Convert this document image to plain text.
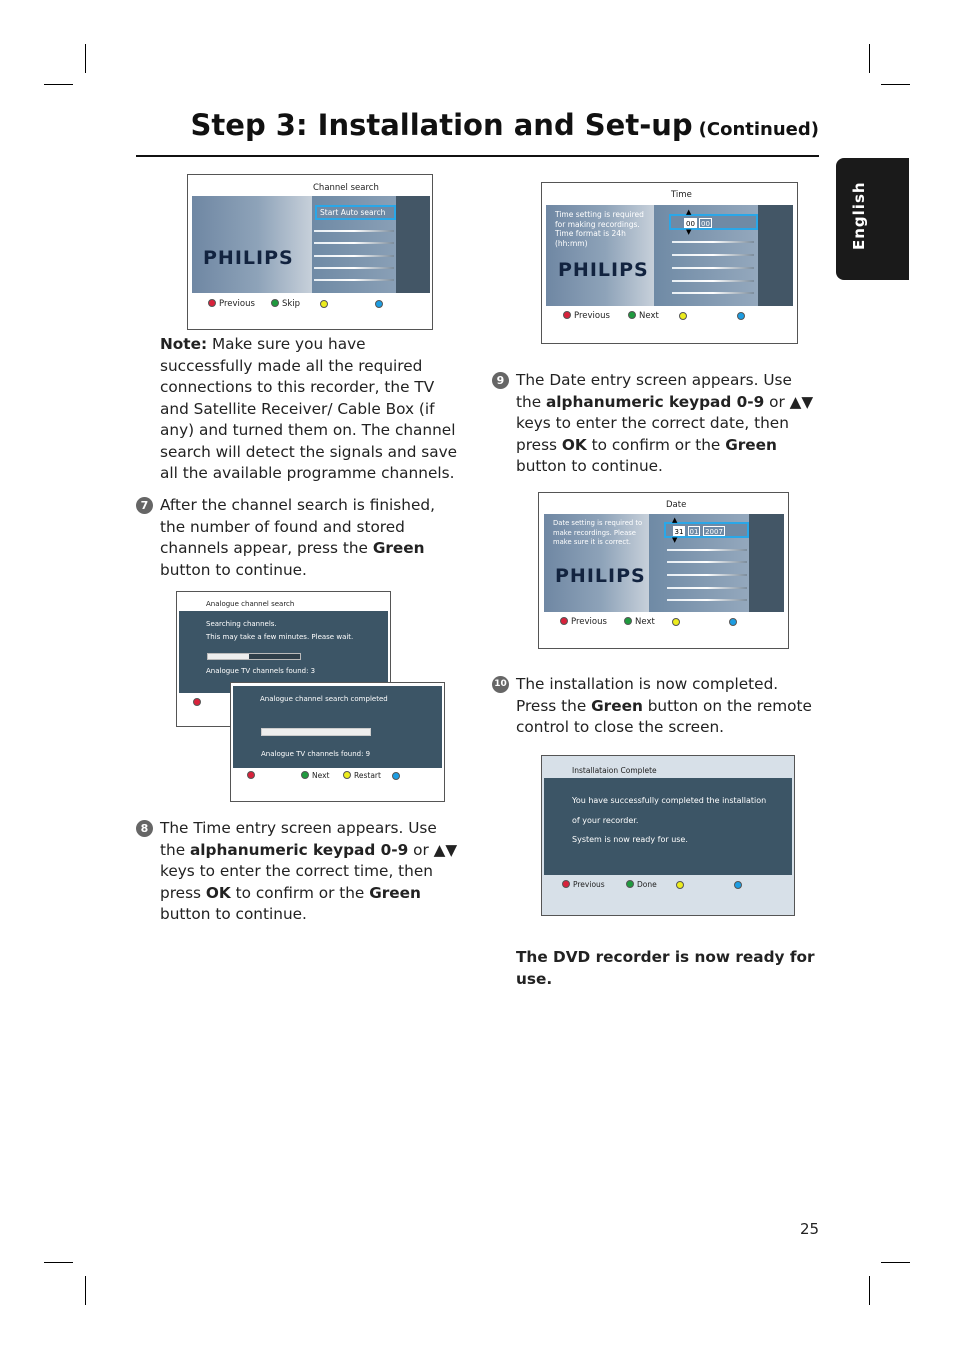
Step 3: Installation and Set-up (Continued)
English
Channel search
PHILIPS
Start Auto search
Previous	Skip
Note: Make sure you have successfully made all the required connections to this recorder, the TV and Satellite Receiver/ Cable Box (if any) and turned them on. The channel search will detect the signals and save all the available programme channels.
7 After the channel search is finished, the number of found and stored channels appear, press the Green button to continue.
Analogue channel search
Searching channels.
This may take a few minutes. Please wait.
Analogue TV channels found: 3
Analogue channel search completed
Analogue TV channels found: 9
Next	Restart
8 The Time entry screen appears. Use the alphanumeric keypad 0-9 or ▲▼ keys to enter the correct time, then press OK to confirm or the Green button to continue.
Time
Time setting is required for making recordings. Time format is 24h (hh:mm)
PHILIPS
00 00
▲
▼
Previous	Next
9 The Date entry screen appears. Use the alphanumeric keypad 0-9 or ▲▼ keys to enter the correct date, then press OK to confirm or the Green button to continue.
Date
Date setting is required to make recordings. Please make sure it is correct.
PHILIPS
31 01 2007
▲
▼
Previous	Next
10 The installation is now completed. Press the Green button on the remote control to close the screen.
Installataion Complete
You have successfully completed the installation
of your recorder.
System is now ready for use.
Previous	Done
The DVD recorder is now ready for use.
25
